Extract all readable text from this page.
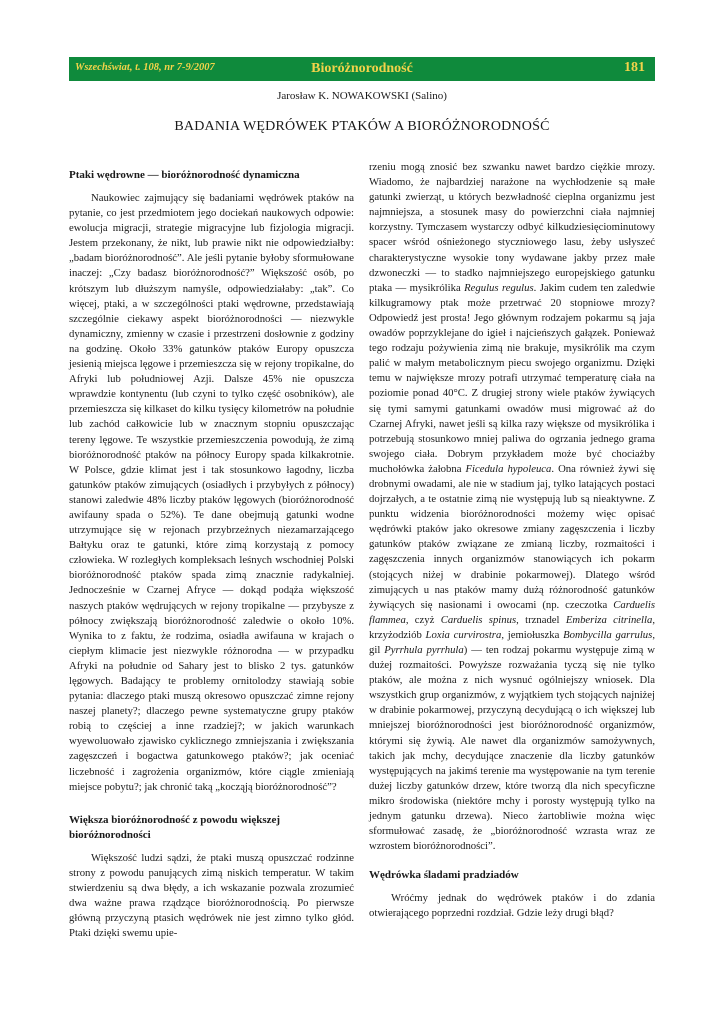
Wszechświat, t. 108, nr 7-9/2007	Bioróżnorodność	181
Jarosław K. NOWAKOWSKI (Salino)
BADANIA WĘDRÓWEK PTAKÓW A BIORÓŻNORODNOŚĆ
Ptaki wędrowne — bioróżnorodność dynamiczna

Naukowiec zajmujący się badaniami wędrówek ptaków na pytanie, co jest przedmiotem jego dociekań naukowych odpowie: ewolucja migracji, strategie migracyjne lub fizjologia migracji. Jestem przekonany, że nikt, lub prawie nikt nie odpowiedziałby: „badam bioróżnorodność”. Ale jeśli pytanie byłoby sformułowane inaczej: „Czy badasz bioróżnorodność?” Większość osób, po krótszym lub dłuższym namyśle, odpowiedziałaby: „tak”. Co więcej, ptaki, a w szczególności ptaki wędrowne, przedstawiają szczególnie ciekawy aspekt bioróżnorodności — niezwykle dynamiczny, zmienny w czasie i przestrzeni dosłownie z godziny na godzinę. Około 33% gatunków ptaków Europy opuszcza jesienią miejsca lęgowe i przemieszcza się w rejony tropikalne, do Afryki lub południowej Azji. Dalsze 45% nie opuszcza wprawdzie kontynentu (lub czyni to tylko część osobników), ale przemieszcza się kilkaset do kilku tysięcy kilometrów na południe lub zachód całkowicie lub w znacznym stopniu opuszczając tereny lęgowe. Te wszystkie przemieszczenia powodują, że zimą bioróżnorodność ptaków na północy Europy spada kilkakrotnie. W Polsce, gdzie klimat jest i tak stosunkowo łagodny, liczba gatunków ptaków zimujących (osiadłych i przybyłych z północy) stanowi zaledwie 48% liczby ptaków lęgowych (bioróżnorodność awifauny spada o 52%). Te dane obejmują gatunki wodne utrzymujące się w rejonach przybrzeżnych niezamarzającego Bałtyku oraz te gatunki, które zimą korzystają z pomocy człowieka. W rozległych kompleksach leśnych wschodniej Polski bioróżnorodność ptaków spada zimą znacznie radykalniej. Jednocześnie w Czarnej Afryce — dokąd podąża większość naszych ptaków wędrujących w rejony tropikalne — przybysze z północy zwiększają bioróżnorodność zaledwie o około 10%. Wynika to z faktu, że rodzima, osiadła awifauna w krajach o ciepłym klimacie jest niezwykle różnorodna — w przypadku Afryki na południe od Sahary jest to blisko 2 tys. gatunków lęgowych. Badający te problemy ornitolodzy stawiają sobie pytania: dlaczego ptaki muszą okresowo opuszczać zimne rejony naszej planety?; dlaczego pewne systematyczne grupy ptaków robią to częściej a inne rzadziej?; w jakich warunkach wyewoluowało zjawisko cyklicznego zmniejszania i zwiększania zagęszczeń i bogactwa gatunkowego ptaków?; jak oceniać liczebność i zagrożenia organizmów, które ciągle zmieniają miejsce pobytu?; jak chronić taką „kocząją bioróżnorodność”?

Większa bioróżnorodność z powodu większej bioróżnorodności

Większość ludzi sądzi, że ptaki muszą opuszczać rodzinne strony z powodu panujących zimą niskich temperatur. W takim stwierdzeniu są dwa błędy, a ich wskazanie pozwala zrozumieć dwa ważne prawa rządzące bioróżnorodnością. Po pierwsze główną przyczyną ptasich wędrówek nie jest zimno tylko głód. Ptaki dzięki swemu upie-

rzeniu mogą znosić bez szwanku nawet bardzo ciężkie mrozy. Wiadomo, że najbardziej narażone na wychłodzenie są małe gatunki zwierząt, u których bezwładność cieplna organizmu jest najmniejsza, a stosunek masy do powierzchni ciała najmniej korzystny. Tymczasem wystarczy odbyć kilkudziesięciominutowy spacer wśród ośnieżonego styczniowego lasu, żeby usłyszeć charakterystyczne wysokie tony wydawane jakby przez małe dzwoneczki — to stadko najmniejszego europejskiego gatunku ptaka — mysikrólika Regulus regulus. Jakim cudem ten zaledwie kilkugramowy ptak może przetrwać 20 stopniowe mrozy? Odpowiedź jest prosta! Jego głównym rodzajem pokarmu są jaja owadów poprzyklejane do igieł i najcieńszych gałązek. Ponieważ tego rodzaju pożywienia zimą nie brakuje, mysikrólik ma czym palić w małym metabolicznym piecu swojego organizmu. Dzięki temu w największe mrozy potrafi utrzymać temperaturę ciała na poziomie ponad 40°C. Z drugiej strony wiele ptaków żywiących się tymi samymi gatunkami owadów musi migrować aż do Czarnej Afryki, nawet jeśli są kilka razy większe od mysikrólika i potrzebują stosunkowo mniej paliwa do ogrzania jednego grama swojego ciała. Dobrym przykładem może być chociażby muchołówka żałobna Ficedula hypoleuca. Ona również żywi się drobnymi owadami, ale nie w stadium jaj, tylko latających postaci dojrzałych, a te ostatnie zimą nie występują lub są nieaktywne. Z punktu widzenia bioróżnorodności możemy więc opisać wędrówki ptaków jako okresowe zmiany zagęszczenia i liczby gatunków ptaków związane ze zmianą liczby, rozmaitości i zagęszczenia innych organizmów stanowiących ich pokarm (stojących niżej w drabinie pokarmowej). Dlatego wśród zimujących u nas ptaków mamy dużą różnorodność gatunków żywiących się nasionami i owocami (np. czeczotka Carduelis flammea, czyż Carduelis spinus, trznadel Emberiza citrinella, krzyżodziób Loxia curvirostra, jemiołuszka Bombycilla garrulus, gil Pyrrhula pyrrhula) — ten rodzaj pokarmu występuje zimą w dużej rozmaitości. Powyższe rozważania tyczą się nie tylko ptaków, ale można z nich wysnuć ogólniejszy wniosek. Dla wszystkich grup organizmów, z wyjątkiem tych stojących najniżej w drabinie pokarmowej, przyczyną decydującą o ich większej lub mniejszej bioróżnorodności jest bioróżnorodność organizmów, którymi się żywią. Ale nawet dla organizmów samożywnych, takich jak mchy, decydujące znaczenie dla liczby gatunków występujących na jakimś terenie ma występowanie na tym terenie dużej liczby gatunków drzew, które tworzą dla nich specyficzne mikro środowiska (niektóre mchy i porosty występują tylko na jednym gatunku drzewa). Nieco żartobliwie można więc sformułować zasadę, że „bioróżnorodność wzrasta wraz ze wzrostem bioróżnorodności”.

Wędrówka śladami pradziadów

Wróćmy jednak do wędrówek ptaków i do zdania otwierającego poprzedni rozdział. Gdzie leży drugi błąd?
